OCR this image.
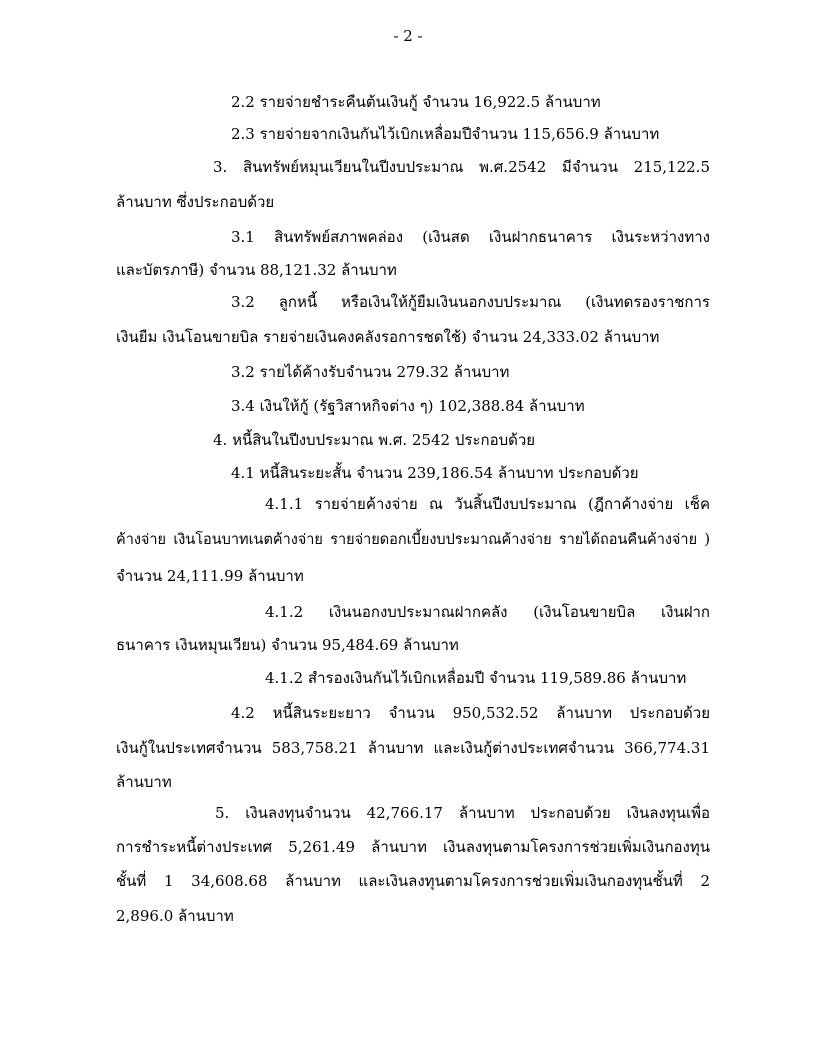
- 2 -
2.2 รายจ่ายชำระคืนต้นเงินกู้ จำนวน 16,922.5 ล้านบาท
2.3 รายจ่ายจากเงินกันไว้เบิกเหลื่อมปีจำนวน 115,656.9 ล้านบาท
3. สินทรัพย์หมุนเวียนในปีงบประมาณ พ.ศ.2542 มีจำนวน 215,122.5
ล้านบาท ซึ่งประกอบด้วย
3.1 สินทรัพย์สภาพคล่อง (เงินสด เงินฝากธนาคาร เงินระหว่างทาง
และบัตรภาษี) จำนวน 88,121.32 ล้านบาท
3.2 ลูกหนี้ หรือเงินให้กู้ยืมเงินนอกงบประมาณ (เงินทดรองราชการ
เงินยืม เงินโอนขายบิล รายจ่ายเงินคงคลังรอการชดใช้) จำนวน 24,333.02 ล้านบาท
3.2 รายได้ค้างรับจำนวน 279.32 ล้านบาท
3.4 เงินให้กู้ (รัฐวิสาหกิจต่าง ๆ) 102,388.84 ล้านบาท
4. หนี้สินในปีงบประมาณ พ.ศ. 2542 ประกอบด้วย
4.1 หนี้สินระยะสั้น จำนวน 239,186.54 ล้านบาท ประกอบด้วย
4.1.1 รายจ่ายค้างจ่าย ณ วันสิ้นปีงบประมาณ (ฎีกาค้างจ่าย เช็ค
ค้างจ่าย เงินโอนบาทเนตค้างจ่าย รายจ่ายดอกเบี้ยงบประมาณค้างจ่าย รายได้ถอนคืนค้างจ่าย )
จำนวน 24,111.99 ล้านบาท
4.1.2 เงินนอกงบประมาณฝากคลัง (เงินโอนขายบิล เงินฝาก
ธนาคาร เงินหมุนเวียน) จำนวน 95,484.69 ล้านบาท
4.1.2 สำรองเงินกันไว้เบิกเหลื่อมปี จำนวน 119,589.86 ล้านบาท
4.2 หนี้สินระยะยาว จำนวน 950,532.52 ล้านบาท ประกอบด้วย
เงินกู้ในประเทศจำนวน 583,758.21 ล้านบาท และเงินกู้ต่างประเทศจำนวน 366,774.31
ล้านบาท
5. เงินลงทุนจำนวน 42,766.17 ล้านบาท ประกอบด้วย เงินลงทุนเพื่อ
การชำระหนี้ต่างประเทศ 5,261.49 ล้านบาท เงินลงทุนตามโครงการช่วยเพิ่มเงินกองทุน
ชั้นที่ 1 34,608.68 ล้านบาท และเงินลงทุนตามโครงการช่วยเพิ่มเงินกองทุนชั้นที่ 2
2,896.0 ล้านบาท
